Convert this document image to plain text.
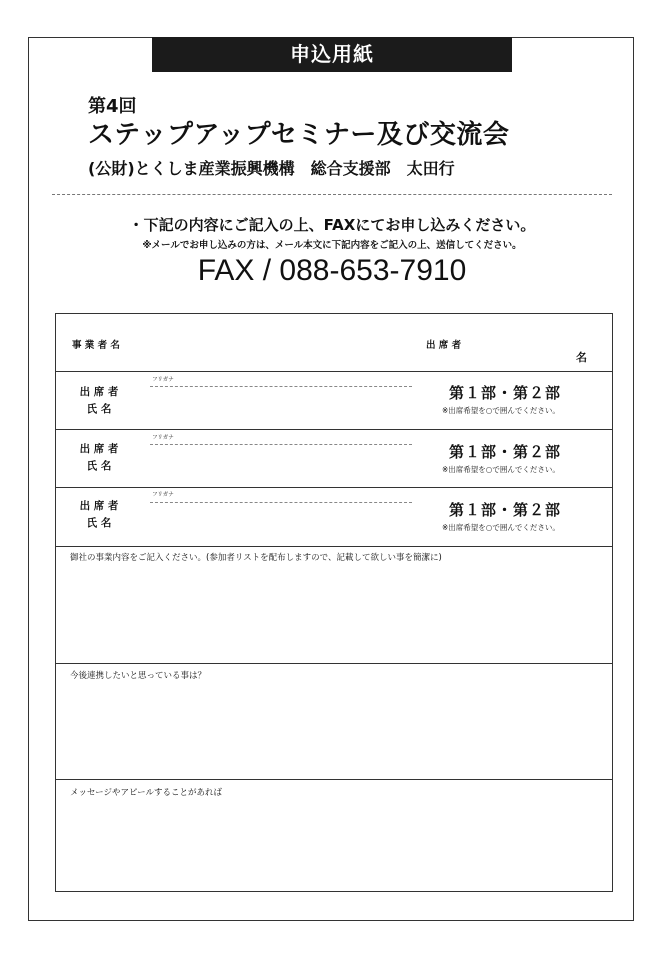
申込用紙
第4回
ステップアップセミナー及び交流会
(公財)とくしま産業振興機構　総合支援部　太田行
・下記の内容にご記入の上、FAXにてお申し込みください。
※メールでお申し込みの方は、メール本文に下記内容をご記入の上、送信してください。
FAX / 088-653-7910
事 業 者 名	出 席 者
名
出 席 者
氏 名
フリガナ
第１部・第２部
※出席希望を○で囲んでください。
出 席 者
氏 名
フリガナ
第１部・第２部
※出席希望を○で囲んでください。
出 席 者
氏 名
フリガナ
第１部・第２部
※出席希望を○で囲んでください。
御社の事業内容をご記入ください。(参加者リストを配布しますので、記載して欲しい事を簡潔に)
今後連携したいと思っている事は？
メッセージやアピールすることがあれば
